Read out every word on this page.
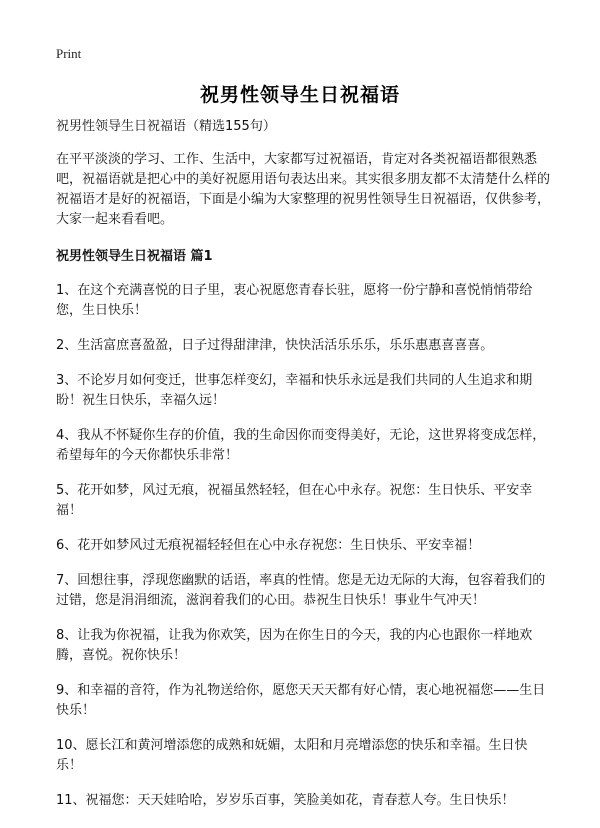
Print
祝男性领导生日祝福语

祝男性领导生日祝福语（精选155句）

在平平淡淡的学习、工作、生活中，大家都写过祝福语，肯定对各类祝福语都很熟悉吧，祝福语就是把心中的美好祝愿用语句表达出来。其实很多朋友都不太清楚什么样的祝福语才是好的祝福语，下面是小编为大家整理的祝男性领导生日祝福语，仅供参考，大家一起来看看吧。

祝男性领导生日祝福语 篇1

1、在这个充满喜悦的日子里，衷心祝愿您青春长驻，愿将一份宁静和喜悦悄悄带给您，生日快乐！

2、生活富庶喜盈盈，日子过得甜津津，快快活活乐乐乐，乐乐惠惠喜喜喜。

3、不论岁月如何变迁，世事怎样变幻，幸福和快乐永远是我们共同的人生追求和期盼！祝生日快乐，幸福久远！

4、我从不怀疑你生存的价值，我的生命因你而变得美好，无论，这世界将变成怎样，希望每年的今天你都快乐非常！

5、花开如梦，风过无痕，祝福虽然轻轻，但在心中永存。祝您：生日快乐、平安幸福！

6、花开如梦风过无痕祝福轻轻但在心中永存祝您：生日快乐、平安幸福！

7、回想往事，浮现您幽默的话语，率真的性情。您是无边无际的大海，包容着我们的过错，您是涓涓细流，滋润着我们的心田。恭祝生日快乐！事业牛气冲天！

8、让我为你祝福，让我为你欢笑，因为在你生日的今天，我的内心也跟你一样地欢腾，喜悦。祝你快乐！

9、和幸福的音符，作为礼物送给你，愿您天天天都有好心情，衷心地祝福您——生日快乐！

10、愿长江和黄河增添您的成熟和妩媚，太阳和月亮增添您的快乐和幸福。生日快乐！

11、祝福您：天天娃哈哈，岁岁乐百事，笑脸美如花，青春惹人夸。生日快乐！
